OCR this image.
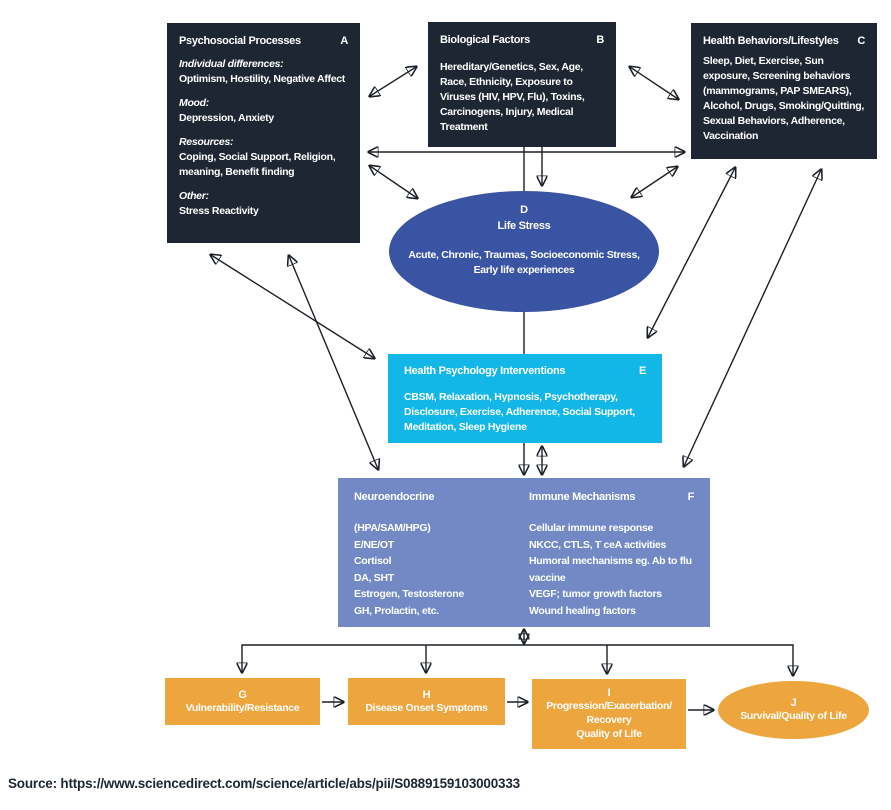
Psychosocial Processes	A
Individual differences:
Optimism, Hostility, Negative Affect
Mood:
Depression, Anxiety
Resources:
Coping, Social Support, Religion, meaning, Benefit finding
Other:
Stress Reactivity
Biological Factors	B
Hereditary/Genetics, Sex, Age, Race, Ethnicity, Exposure to Viruses (HIV, HPV, Flu), Toxins, Carcinogens, Injury, Medical Treatment
Health Behaviors/Lifestyles C
Sleep, Diet, Exercise, Sun exposure, Screening behaviors (mammograms, PAP SMEARS), Alcohol, Drugs, Smoking/Quitting, Sexual Behaviors, Adherence, Vaccination
D
Life Stress
Acute, Chronic, Traumas, Socioeconomic Stress, Early life experiences
Health Psychology Interventions	E
CBSM, Relaxation, Hypnosis, Psychotherapy, Disclosure, Exercise, Adherence, Social Support, Meditation, Sleep Hygiene
Neuroendocrine
(HPA/SAM/HPG)
E/NE/OT
Cortisol
DA, SHT
Estrogen, Testosterone
GH, Prolactin, etc.
Immune Mechanisms	F
Cellular immune response
NKCC, CTLS, T ceA activities
Humoral mechanisms eg. Ab to flu vaccine
VEGF; tumor growth factors
Wound healing factors
G
Vulnerability/Resistance
H
Disease Onset Symptoms
I
Progression/Exacerbation/
Recovery
Quality of Life
J
Survival/Quality of Life
Source: https://www.sciencedirect.com/science/article/abs/pii/S0889159103000333
